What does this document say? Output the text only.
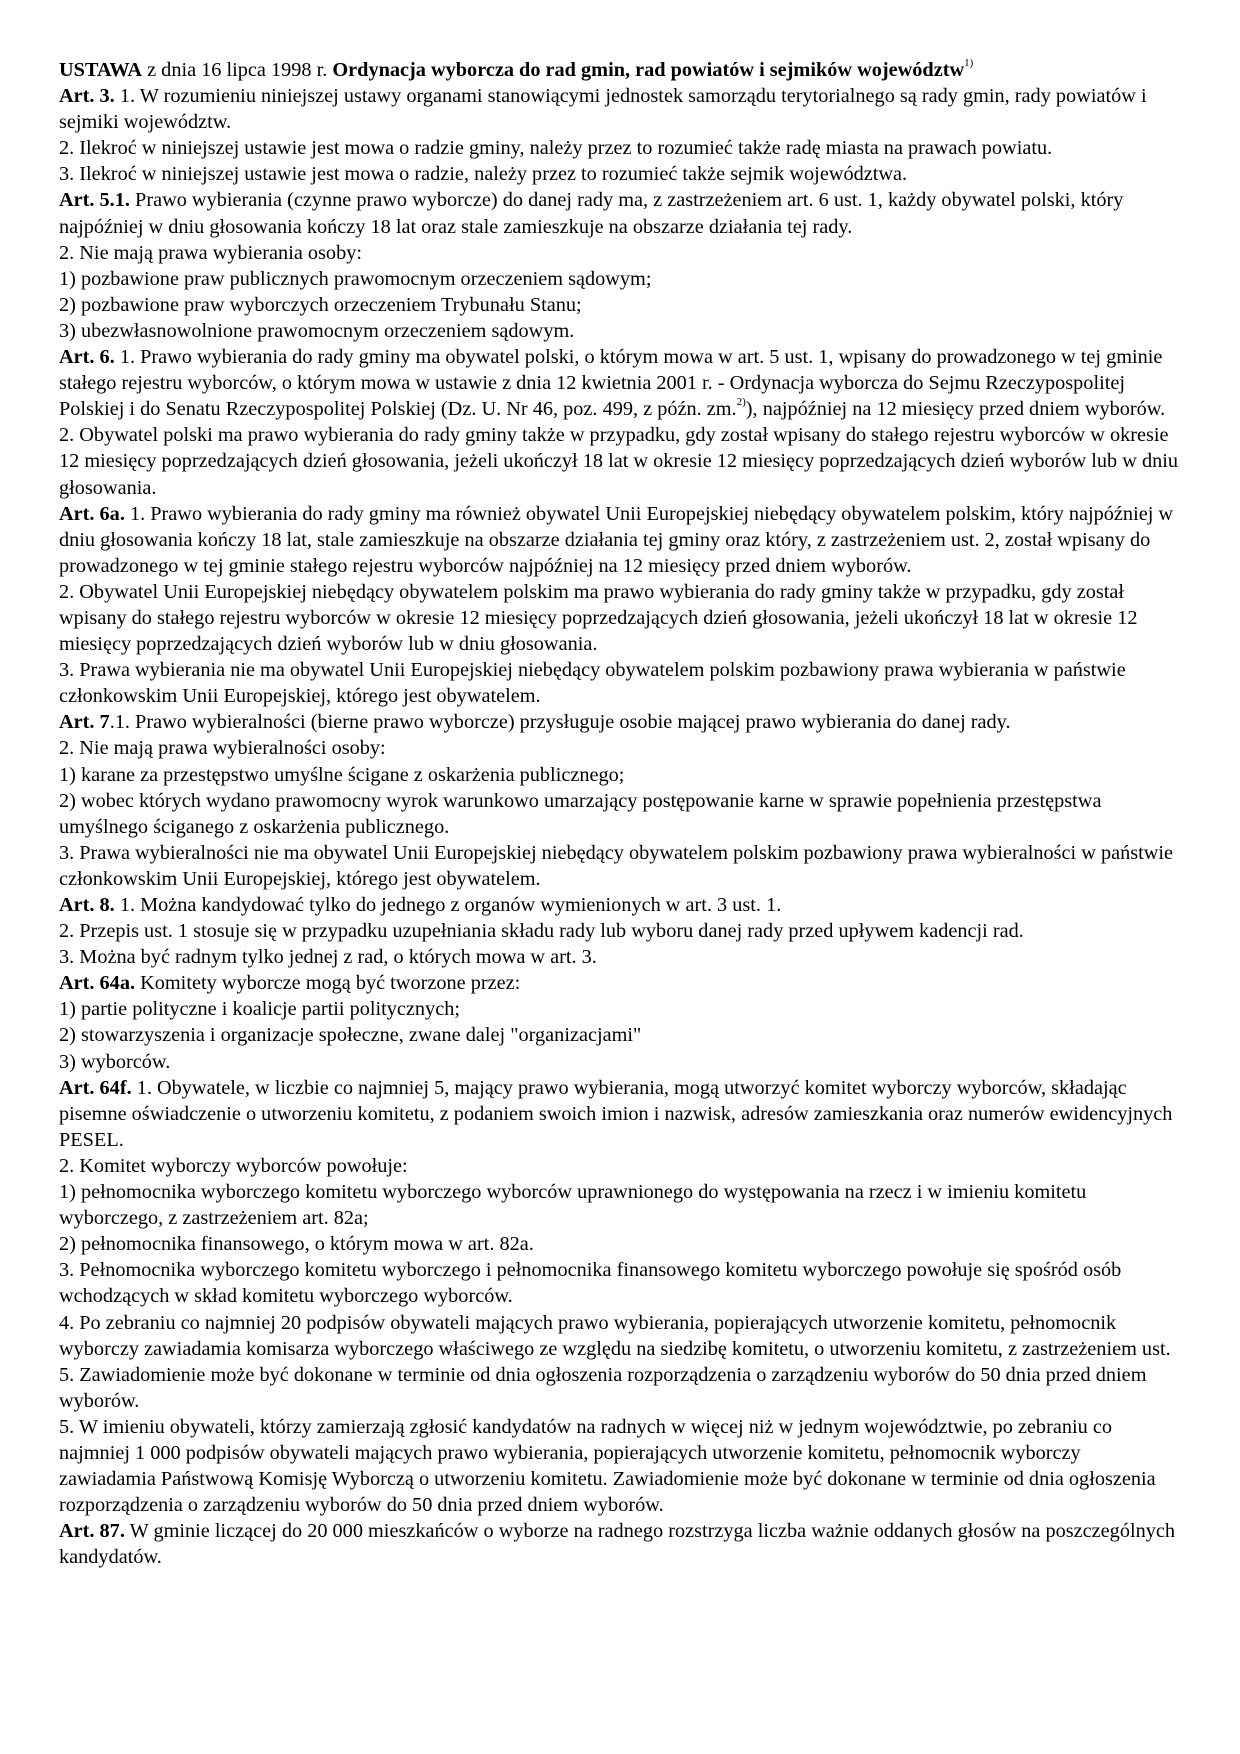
USTAWA z dnia 16 lipca 1998 r. Ordynacja wyborcza do rad gmin, rad powiatów i sejmików województw$^{1)}$

Art. 3. 1. W rozumieniu niniejszej ustawy organami stanowiącymi jednostek samorządu terytorialnego są rady gmin, rady powiatów i sejmiki województw.

2. Ilekroć w niniejszej ustawie jest mowa o radzie gminy, należy przez to rozumieć także radę miasta na prawach powiatu.

3. Ilekroć w niniejszej ustawie jest mowa o radzie, należy przez to rozumieć także sejmik województwa.

Art. 5.1. Prawo wybierania (czynne prawo wyborcze) do danej rady ma, z zastrzeżeniem art. 6 ust. 1, każdy obywatel polski, który najpóźniej w dniu głosowania kończy 18 lat oraz stale zamieszkuje na obszarze działania tej rady.

2. Nie mają prawa wybierania osoby:

1) pozbawione praw publicznych prawomocnym orzeczeniem sądowym;

2) pozbawione praw wyborczych orzeczeniem Trybunału Stanu;

3) ubezwłasnowolnione prawomocnym orzeczeniem sądowym.

Art. 6. 1. Prawo wybierania do rady gminy ma obywatel polski, o którym mowa w art. 5 ust. 1, wpisany do prowadzonego w tej gminie stałego rejestru wyborców, o którym mowa w ustawie z dnia 12 kwietnia 2001 r. - Ordynacja wyborcza do Sejmu Rzeczypospolitej Polskiej i do Senatu Rzeczypospolitej Polskiej (Dz. U. Nr 46, poz. 499, z późn. zm.$^{2)}$), najpóźniej na 12 miesięcy przed dniem wyborów.

2. Obywatel polski ma prawo wybierania do rady gminy także w przypadku, gdy został wpisany do stałego rejestru wyborców w okresie 12 miesięcy poprzedzających dzień głosowania, jeżeli ukończył 18 lat w okresie 12 miesięcy poprzedzających dzień wyborów lub w dniu głosowania.

Art. 6a. 1. Prawo wybierania do rady gminy ma również obywatel Unii Europejskiej niebędący obywatelem polskim, który najpóźniej w dniu głosowania kończy 18 lat, stale zamieszkuje na obszarze działania tej gminy oraz który, z zastrzeżeniem ust. 2, został wpisany do prowadzonego w tej gminie stałego rejestru wyborców najpóźniej na 12 miesięcy przed dniem wyborów.

2. Obywatel Unii Europejskiej niebędący obywatelem polskim ma prawo wybierania do rady gminy także w przypadku, gdy został wpisany do stałego rejestru wyborców w okresie 12 miesięcy poprzedzających dzień głosowania, jeżeli ukończył 18 lat w okresie 12 miesięcy poprzedzających dzień wyborów lub w dniu głosowania.

3. Prawa wybierania nie ma obywatel Unii Europejskiej niebędący obywatelem polskim pozbawiony prawa wybierania w państwie członkowskim Unii Europejskiej, którego jest obywatelem.

Art. 7.1. Prawo wybieralności (bierne prawo wyborcze) przysługuje osobie mającej prawo wybierania do danej rady.

2. Nie mają prawa wybieralności osoby:

1) karane za przestępstwo umyślne ścigane z oskarżenia publicznego;

2) wobec których wydano prawomocny wyrok warunkowo umarzający postępowanie karne w sprawie popełnienia przestępstwa umyślnego ściganego z oskarżenia publicznego.

3. Prawa wybieralności nie ma obywatel Unii Europejskiej niebędący obywatelem polskim pozbawiony prawa wybieralności w państwie członkowskim Unii Europejskiej, którego jest obywatelem.

Art. 8. 1. Można kandydować tylko do jednego z organów wymienionych w art. 3 ust. 1.

2. Przepis ust. 1 stosuje się w przypadku uzupełniania składu rady lub wyboru danej rady przed upływem kadencji rad.

3. Można być radnym tylko jednej z rad, o których mowa w art. 3.

Art. 64a. Komitety wyborcze mogą być tworzone przez:

1) partie polityczne i koalicje partii politycznych;

2) stowarzyszenia i organizacje społeczne, zwane dalej "organizacjami"

3) wyborców.

Art. 64f. 1. Obywatele, w liczbie co najmniej 5, mający prawo wybierania, mogą utworzyć komitet wyborczy wyborców, składając pisemne oświadczenie o utworzeniu komitetu, z podaniem swoich imion i nazwisk, adresów zamieszkania oraz numerów ewidencyjnych PESEL.

2. Komitet wyborczy wyborców powołuje:

1) pełnomocnika wyborczego komitetu wyborczego wyborców uprawnionego do występowania na rzecz i w imieniu komitetu wyborczego, z zastrzeżeniem art. 82a;

2) pełnomocnika finansowego, o którym mowa w art. 82a.

3. Pełnomocnika wyborczego komitetu wyborczego i pełnomocnika finansowego komitetu wyborczego powołuje się spośród osób wchodzących w skład komitetu wyborczego wyborców.

4. Po zebraniu co najmniej 20 podpisów obywateli mających prawo wybierania, popierających utworzenie komitetu, pełnomocnik wyborczy zawiadamia komisarza wyborczego właściwego ze względu na siedzibę komitetu, o utworzeniu komitetu, z zastrzeżeniem ust. 5. Zawiadomienie może być dokonane w terminie od dnia ogłoszenia rozporządzenia o zarządzeniu wyborów do 50 dnia przed dniem wyborów.

5. W imieniu obywateli, którzy zamierzają zgłosić kandydatów na radnych w więcej niż w jednym województwie, po zebraniu co najmniej 1 000 podpisów obywateli mających prawo wybierania, popierających utworzenie komitetu, pełnomocnik wyborczy zawiadamia Państwową Komisję Wyborczą o utworzeniu komitetu. Zawiadomienie może być dokonane w terminie od dnia ogłoszenia rozporządzenia o zarządzeniu wyborów do 50 dnia przed dniem wyborów.

Art. 87. W gminie liczącej do 20 000 mieszkańców o wyborze na radnego rozstrzyga liczba ważnie oddanych głosów na poszczególnych kandydatów.
